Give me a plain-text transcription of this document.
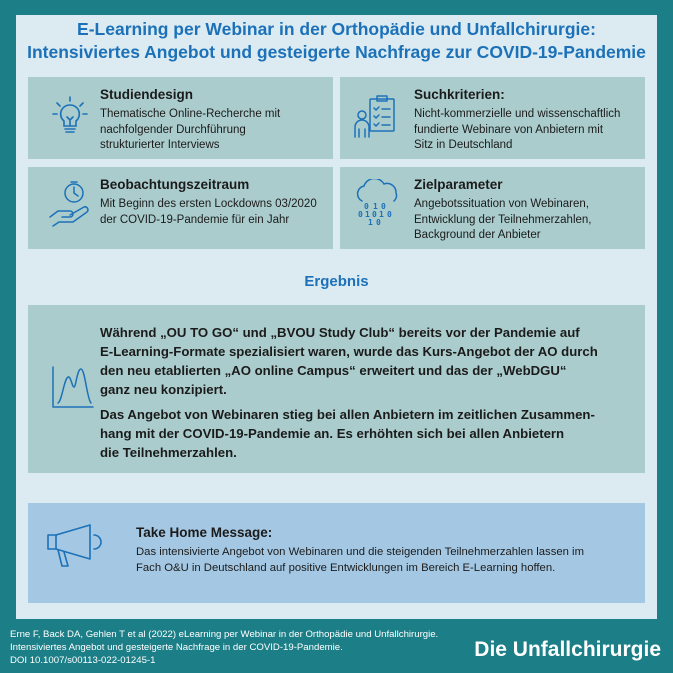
E-Learning per Webinar in der Orthopädie und Unfallchirurgie:
Intensiviertes Angebot und gesteigerte Nachfrage zur COVID-19-Pandemie
Studiendesign

Thematische Online-Recherche mit
nachfolgender Durchführung
strukturierter Interviews

Suchkriterien:

Nicht-kommerzielle und wissenschaftlich
fundierte Webinare von Anbietern mit
Sitz in Deutschland

Beobachtungszeitraum

Mit Beginn des ersten Lockdowns 03/2020
der COVID-19-Pandemie für ein Jahr

0 1 0
0 1 0 1 0
1 0
Zielparameter

Angebotssituation von Webinaren,
Entwicklung der Teilnehmerzahlen,
Background der Anbieter

Ergebnis

Während „OU TO GO“ und „BVOU Study Club“ bereits vor der Pandemie auf
E-Learning-Formate spezialisiert waren, wurde das Kurs-Angebot der AO durch
den neu etablierten „AO online Campus“ erweitert und das der „WebDGU“
ganz neu konzipiert.

Das Angebot von Webinaren stieg bei allen Anbietern im zeitlichen Zusammen-
hang mit der COVID-19-Pandemie an. Es erhöhten sich bei allen Anbietern
die Teilnehmerzahlen.

Take Home Message:

Das intensivierte Angebot von Webinaren und die steigenden Teilnehmerzahlen lassen im
Fach O&U in Deutschland auf positive Entwicklungen im Bereich E-Learning hoffen.

Erne F, Back DA, Gehlen T et al (2022) eLearning per Webinar in der Orthopädie und Unfallchirurgie.
Intensiviertes Angebot und gesteigerte Nachfrage in der COVID-19-Pandemie.
DOI 10.1007/s00113-022-01245-1	Die Unfallchirurgie
